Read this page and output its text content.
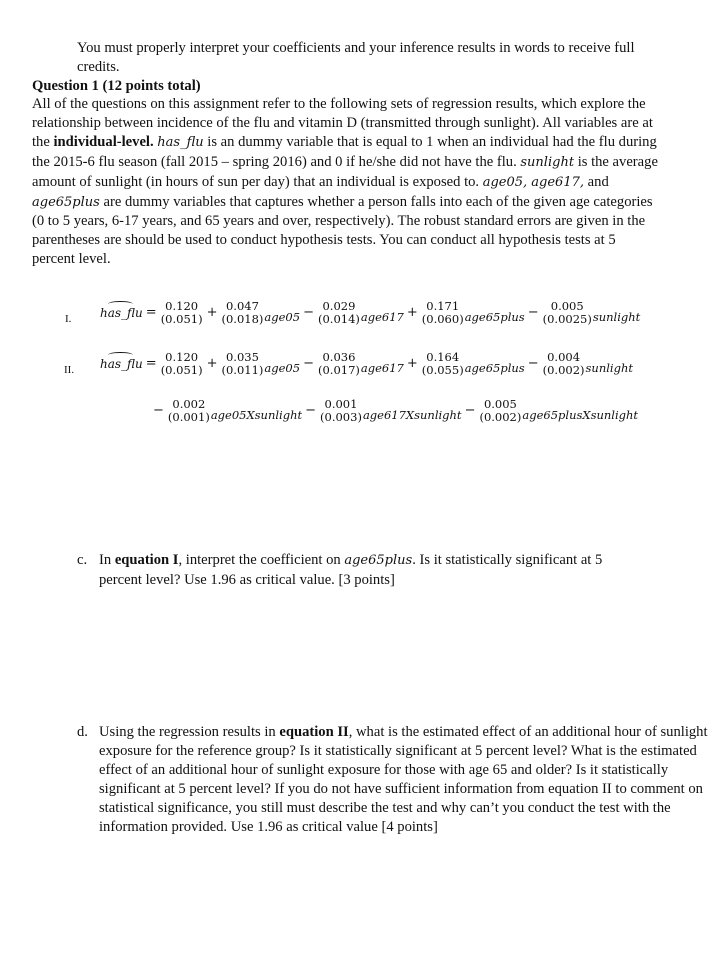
You must properly interpret your coefficients and your inference results in words to receive full credits.
Question 1 (12 points total)
All of the questions on this assignment refer to the following sets of regression results, which explore the relationship between incidence of the flu and vitamin D (transmitted through sunlight). All variables are at the individual-level. has_flu is an dummy variable that is equal to 1 when an individual had the flu during the 2015-6 flu season (fall 2015 – spring 2016) and 0 if he/she did not have the flu. sunlight is the average amount of sunlight (in hours of sun per day) that an individual is exposed to. age05, age617, and age65plus are dummy variables that captures whether a person falls into each of the given age categories (0 to 5 years, 6-17 years, and 65 years and over, respectively). The robust standard errors are given in the parentheses are should be used to conduct hypothesis tests. You can conduct all hypothesis tests at 5 percent level.
I. has_flu = 0.120
(0.051) + 0.047
(0.018) age05 − 0.029
(0.014) age617 + 0.171
(0.060) age65plus − 0.005
(0.0025) sunlight
II. has_flu = 0.120
(0.051) + 0.035
(0.011) age05 − 0.036
(0.017) age617 + 0.164
(0.055) age65plus − 0.004
(0.002) sunlight
− 0.002
(0.001) age05Xsunlight − 0.001
(0.003) age617Xsunlight − 0.005
(0.002) age65plusXsunlight
c. In equation I, interpret the coefficient on age65plus. Is it statistically significant at 5 percent level? Use 1.96 as critical value. [3 points]
d. Using the regression results in equation II, what is the estimated effect of an additional hour of sunlight exposure for the reference group? Is it statistically significant at 5 percent level? What is the estimated effect of an additional hour of sunlight exposure for those with age 65 and older? Is it statistically significant at 5 percent level? If you do not have sufficient information from equation II to comment on statistical significance, you still must describe the test and why can’t you conduct the test with the information provided. Use 1.96 as critical value [4 points]
